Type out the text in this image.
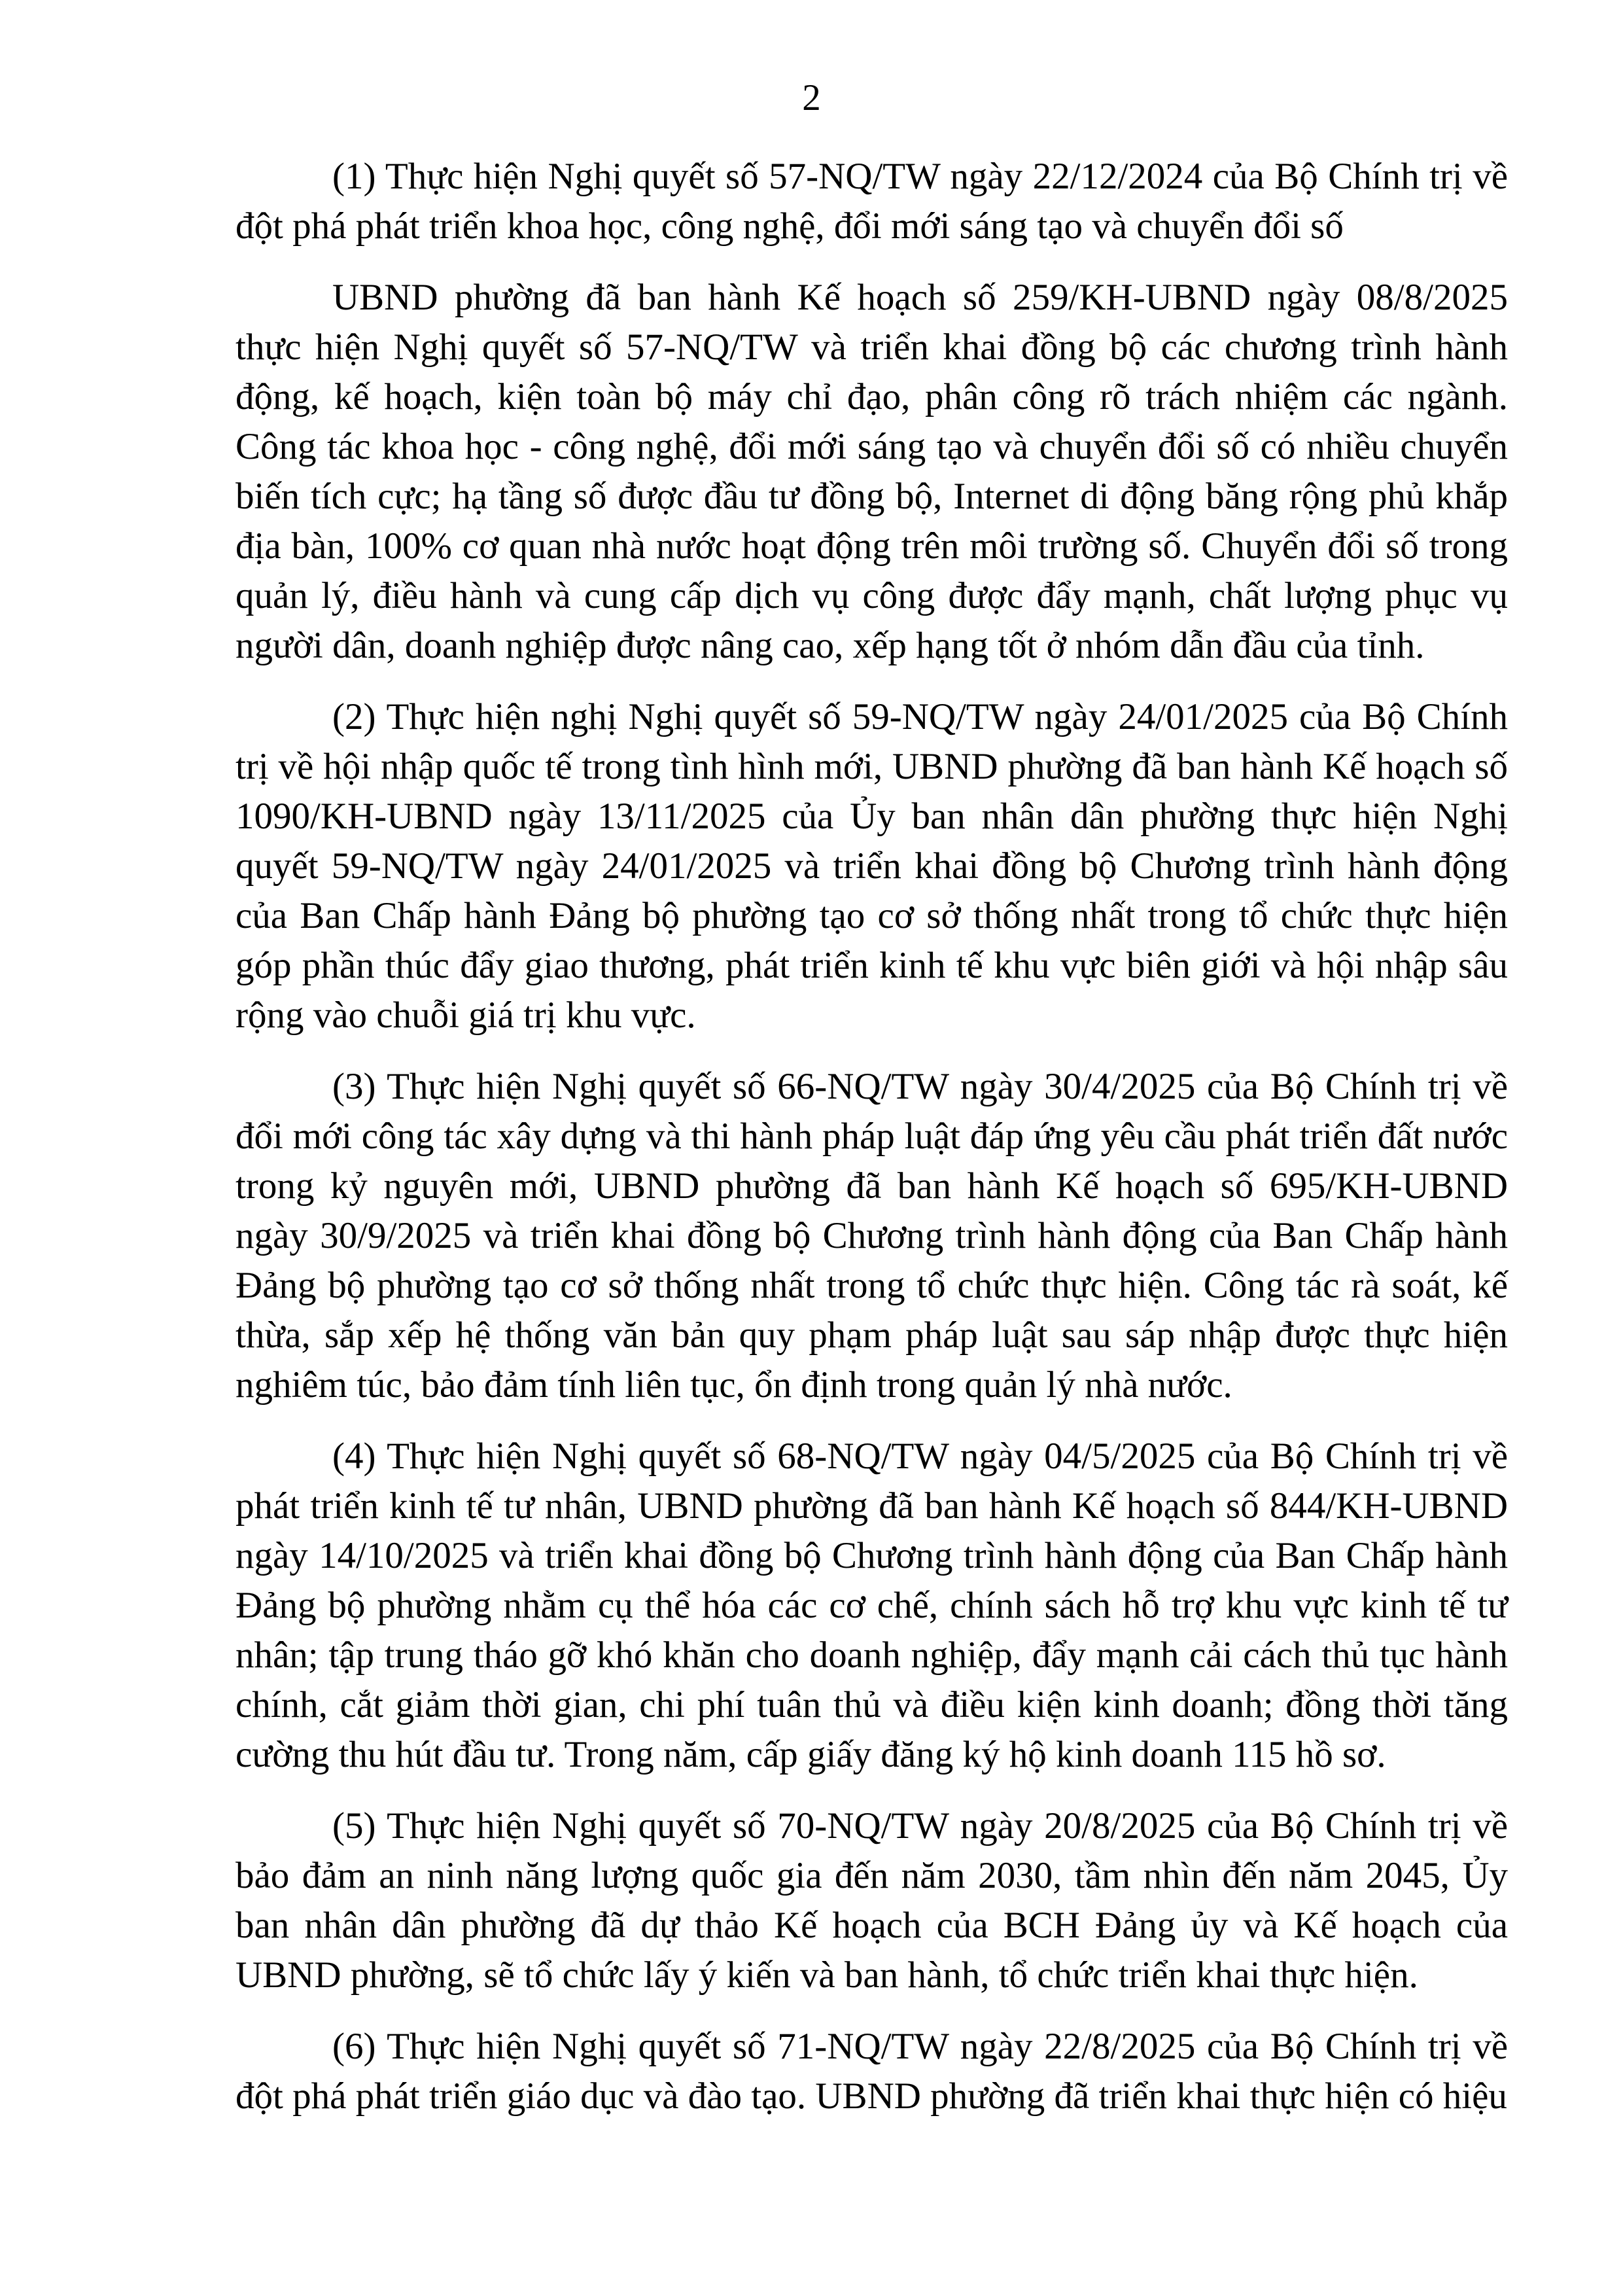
2

(1) Thực hiện Nghị quyết số 57-NQ/TW ngày 22/12/2024 của Bộ Chính trị về đột phá phát triển khoa học, công nghệ, đổi mới sáng tạo và chuyển đổi số

UBND phường đã ban hành Kế hoạch số 259/KH-UBND ngày 08/8/2025 thực hiện Nghị quyết số 57-NQ/TW và triển khai đồng bộ các chương trình hành động, kế hoạch, kiện toàn bộ máy chỉ đạo, phân công rõ trách nhiệm các ngành. Công tác khoa học - công nghệ, đổi mới sáng tạo và chuyển đổi số có nhiều chuyển biến tích cực; hạ tầng số được đầu tư đồng bộ, Internet di động băng rộng phủ khắp địa bàn, 100% cơ quan nhà nước hoạt động trên môi trường số. Chuyển đổi số trong quản lý, điều hành và cung cấp dịch vụ công được đẩy mạnh, chất lượng phục vụ người dân, doanh nghiệp được nâng cao, xếp hạng tốt ở nhóm dẫn đầu của tỉnh.

(2) Thực hiện nghị Nghị quyết số 59-NQ/TW ngày 24/01/2025 của Bộ Chính trị về hội nhập quốc tế trong tình hình mới, UBND phường đã ban hành Kế hoạch số 1090/KH-UBND ngày 13/11/2025 của Ủy ban nhân dân phường thực hiện Nghị quyết 59-NQ/TW ngày 24/01/2025 và triển khai đồng bộ Chương trình hành động của Ban Chấp hành Đảng bộ phường tạo cơ sở thống nhất trong tổ chức thực hiện góp phần thúc đẩy giao thương, phát triển kinh tế khu vực biên giới và hội nhập sâu rộng vào chuỗi giá trị khu vực.

(3) Thực hiện Nghị quyết số 66-NQ/TW ngày 30/4/2025 của Bộ Chính trị về đổi mới công tác xây dựng và thi hành pháp luật đáp ứng yêu cầu phát triển đất nước trong kỷ nguyên mới, UBND phường đã ban hành Kế hoạch số 695/KH-UBND ngày 30/9/2025 và triển khai đồng bộ Chương trình hành động của Ban Chấp hành Đảng bộ phường tạo cơ sở thống nhất trong tổ chức thực hiện. Công tác rà soát, kế thừa, sắp xếp hệ thống văn bản quy phạm pháp luật sau sáp nhập được thực hiện nghiêm túc, bảo đảm tính liên tục, ổn định trong quản lý nhà nước.

(4) Thực hiện Nghị quyết số 68-NQ/TW ngày 04/5/2025 của Bộ Chính trị về phát triển kinh tế tư nhân, UBND phường đã ban hành Kế hoạch số 844/KH-UBND ngày 14/10/2025 và triển khai đồng bộ Chương trình hành động của Ban Chấp hành Đảng bộ phường nhằm cụ thể hóa các cơ chế, chính sách hỗ trợ khu vực kinh tế tư nhân; tập trung tháo gỡ khó khăn cho doanh nghiệp, đẩy mạnh cải cách thủ tục hành chính, cắt giảm thời gian, chi phí tuân thủ và điều kiện kinh doanh; đồng thời tăng cường thu hút đầu tư. Trong năm, cấp giấy đăng ký hộ kinh doanh 115 hồ sơ.

(5) Thực hiện Nghị quyết số 70-NQ/TW ngày 20/8/2025 của Bộ Chính trị về bảo đảm an ninh năng lượng quốc gia đến năm 2030, tầm nhìn đến năm 2045, Ủy ban nhân dân phường đã dự thảo Kế hoạch của BCH Đảng ủy và Kế hoạch của UBND phường, sẽ tổ chức lấy ý kiến và ban hành, tổ chức triển khai thực hiện.

(6) Thực hiện Nghị quyết số 71-NQ/TW ngày 22/8/2025 của Bộ Chính trị về đột phá phát triển giáo dục và đào tạo. UBND phường đã triển khai thực hiện có hiệu
